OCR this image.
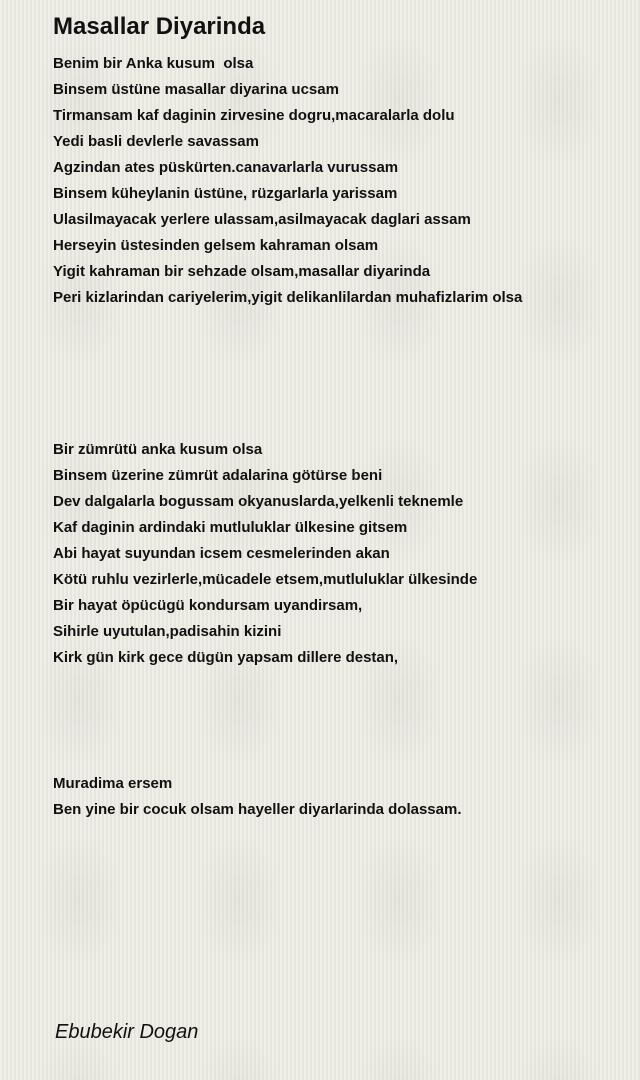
Masallar Diyarinda
Benim bir Anka kusum  olsa
Binsem üstüne masallar diyarina ucsam
Tirmansam kaf daginin zirvesine dogru,macaralarla dolu
Yedi basli devlerle savassam
Agzindan ates püskürten.canavarlarla vurussam
Binsem küheylanin üstüne, rüzgarlarla yarissam
Ulasilmayacak yerlere ulassam,asilmayacak daglari assam
Herseyin üstesinden gelsem kahraman olsam
Yigit kahraman bir sehzade olsam,masallar diyarinda
Peri kizlarindan cariyelerim,yigit delikanlilardan muhafizlarim olsa
Bir zümrütü anka kusum olsa
Binsem üzerine zümrüt adalarina götürse beni
Dev dalgalarla bogussam okyanuslarda,yelkenli teknemle
Kaf daginin ardindaki mutluluklar ülkesine gitsem
Abi hayat suyundan icsem cesmelerinden akan
Kötü ruhlu vezirlerle,mücadele etsem,mutluluklar ülkesinde
Bir hayat öpücügü kondursam uyandirsam,
Sihirle uyutulan,padisahin kizini
Kirk gün kirk gece dügün yapsam dillere destan,
Muradima ersem
Ben yine bir cocuk olsam hayeller diyarlarinda dolassam.
Ebubekir Dogan
